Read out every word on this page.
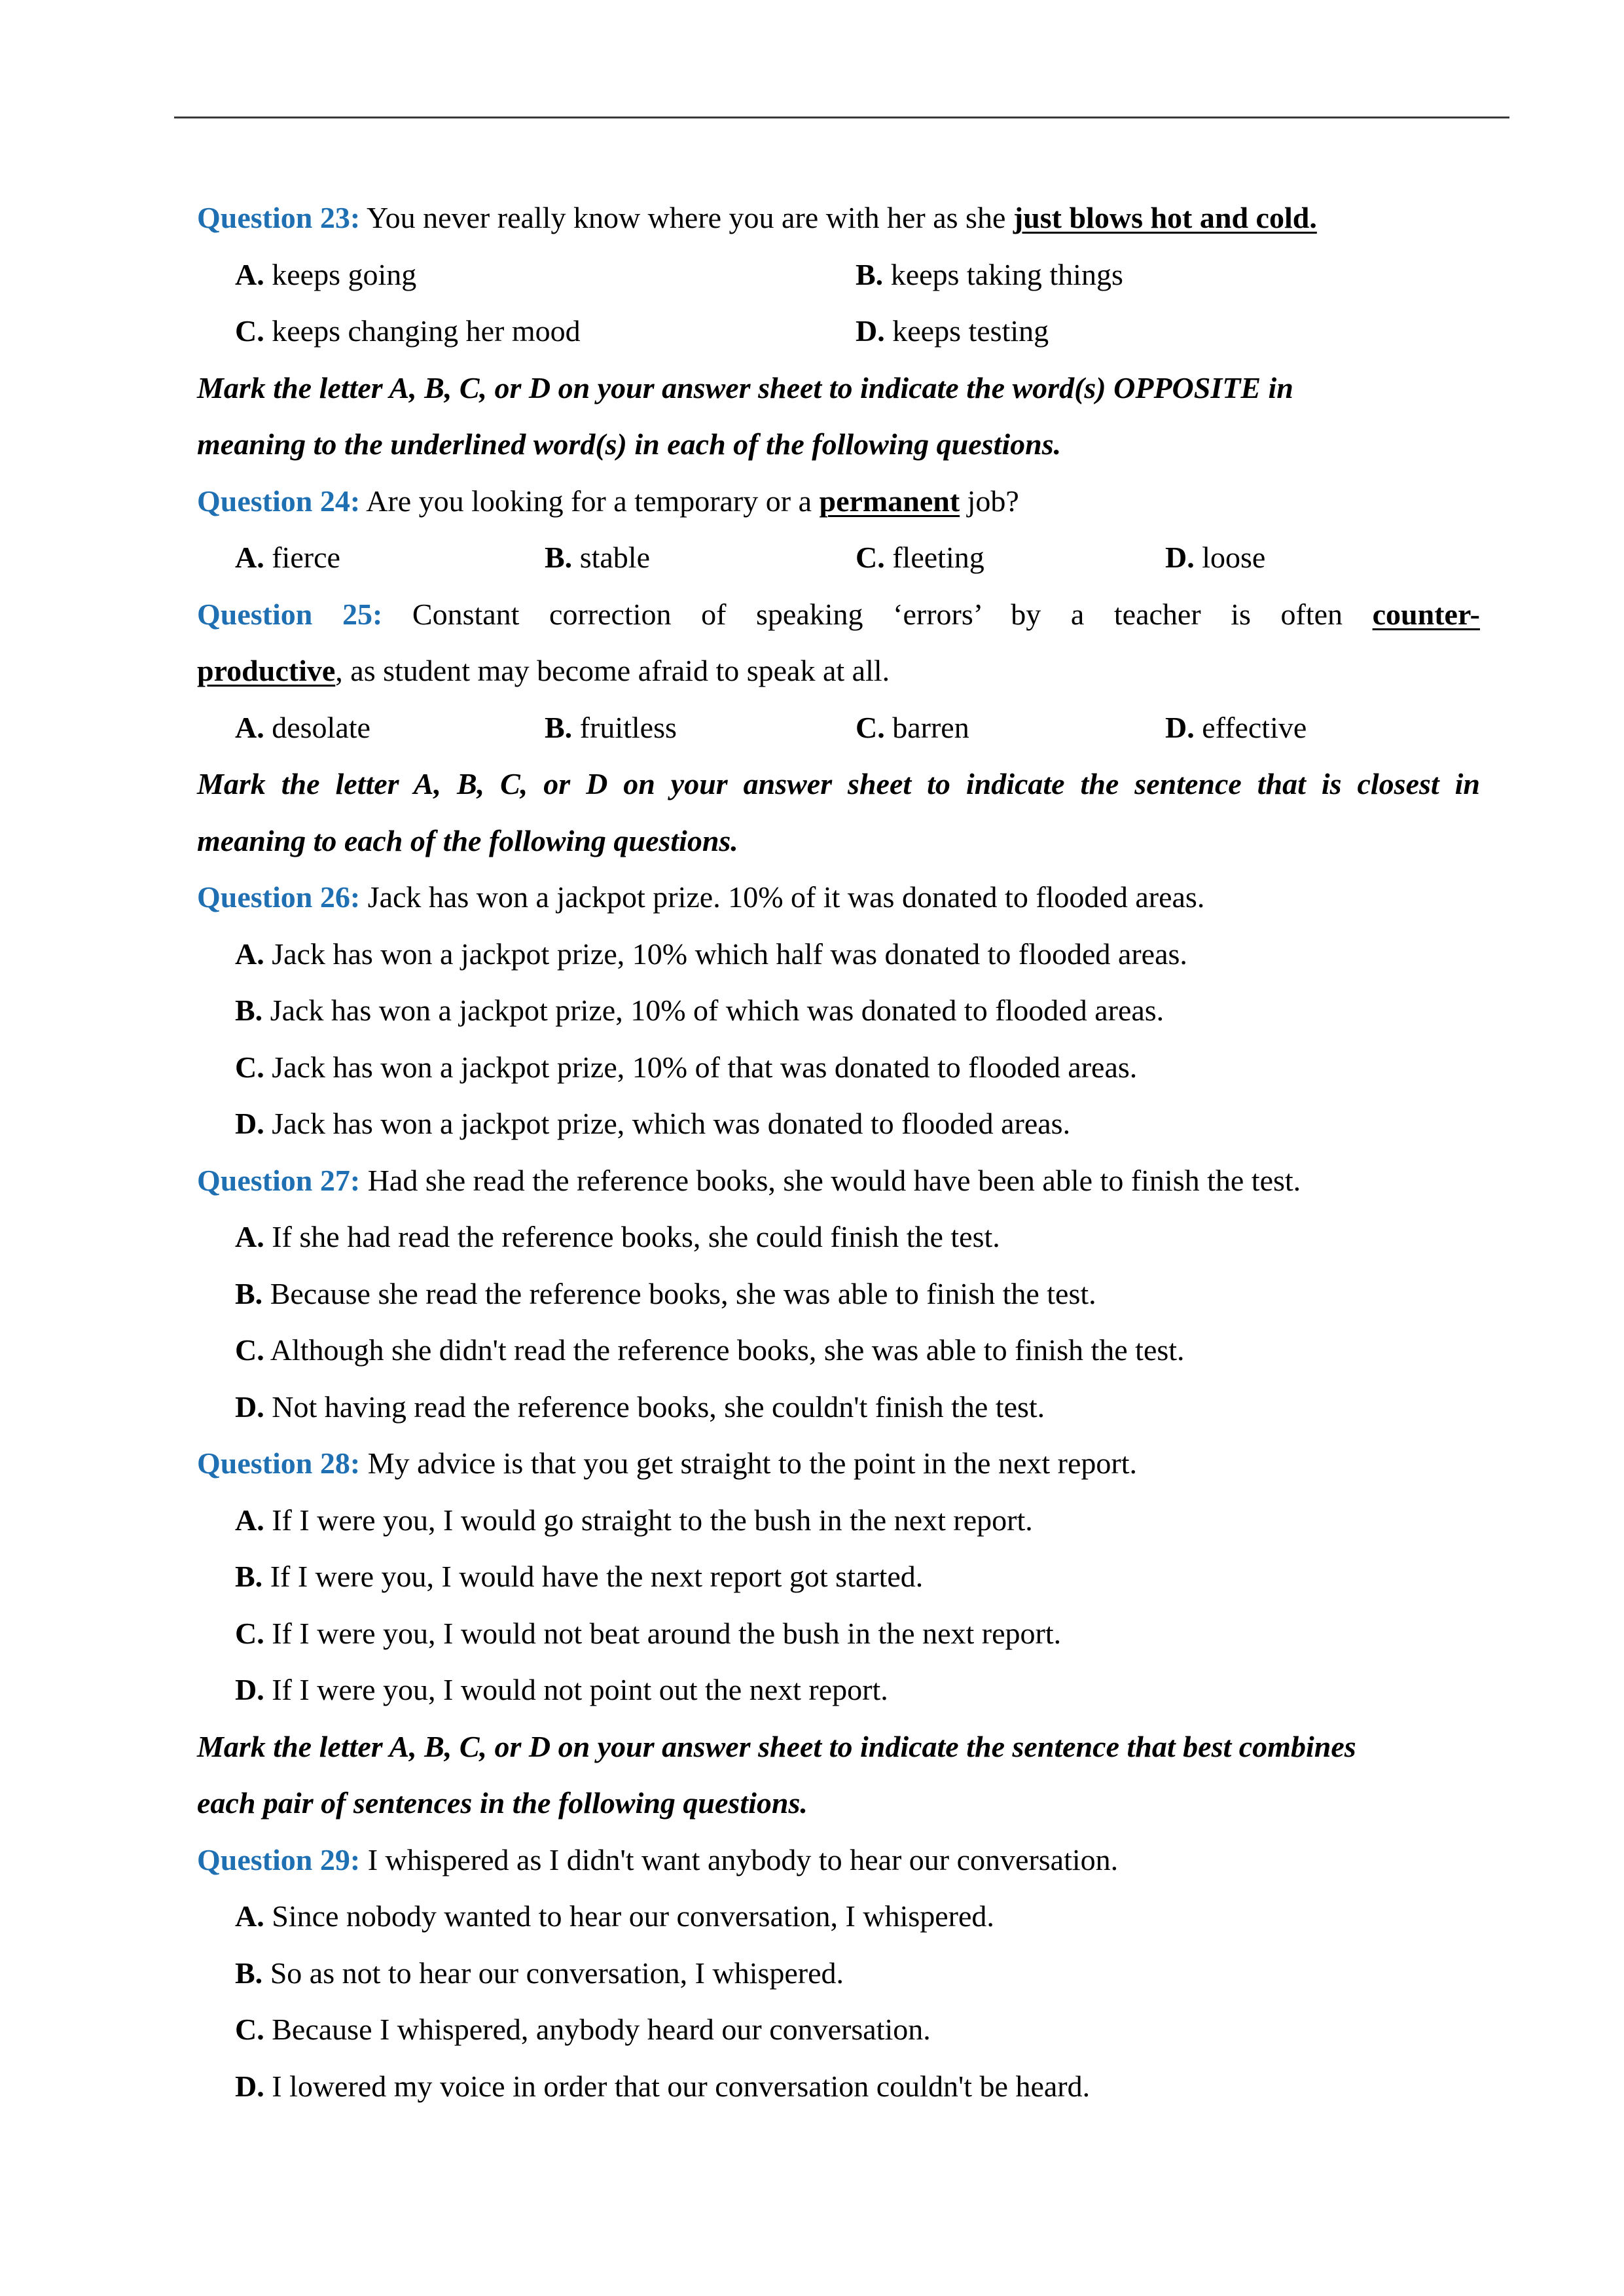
Question 23: You never really know where you are with her as she just blows hot and cold.
A. keeps going	B. keeps taking things
C. keeps changing her mood	D. keeps testing
Mark the letter A, B, C, or D on your answer sheet to indicate the word(s) OPPOSITE in
meaning to the underlined word(s) in each of the following questions.
Question 24: Are you looking for a temporary or a permanent job?
A. fierce	B. stable	C. fleeting	D. loose
Question 25: Constant correction of speaking ‘errors’ by a teacher is often counter-
productive, as student may become afraid to speak at all.
A. desolate	B. fruitless	C. barren	D. effective
Mark the letter A, B, C, or D on your answer sheet to indicate the sentence that is closest in
meaning to each of the following questions.
Question 26: Jack has won a jackpot prize. 10% of it was donated to flooded areas.
A. Jack has won a jackpot prize, 10% which half was donated to flooded areas.
B. Jack has won a jackpot prize, 10% of which was donated to flooded areas.
C. Jack has won a jackpot prize, 10% of that was donated to flooded areas.
D. Jack has won a jackpot prize, which was donated to flooded areas.
Question 27: Had she read the reference books, she would have been able to finish the test.
A. If she had read the reference books, she could finish the test.
B. Because she read the reference books, she was able to finish the test.
C. Although she didn't read the reference books, she was able to finish the test.
D. Not having read the reference books, she couldn't finish the test.
Question 28: My advice is that you get straight to the point in the next report.
A. If I were you, I would go straight to the bush in the next report.
B. If I were you, I would have the next report got started.
C. If I were you, I would not beat around the bush in the next report.
D. If I were you, I would not point out the next report.
Mark the letter A, B, C, or D on your answer sheet to indicate the sentence that best combines
each pair of sentences in the following questions.
Question 29: I whispered as I didn't want anybody to hear our conversation.
A. Since nobody wanted to hear our conversation, I whispered.
B. So as not to hear our conversation, I whispered.
C. Because I whispered, anybody heard our conversation.
D. I lowered my voice in order that our conversation couldn't be heard.
